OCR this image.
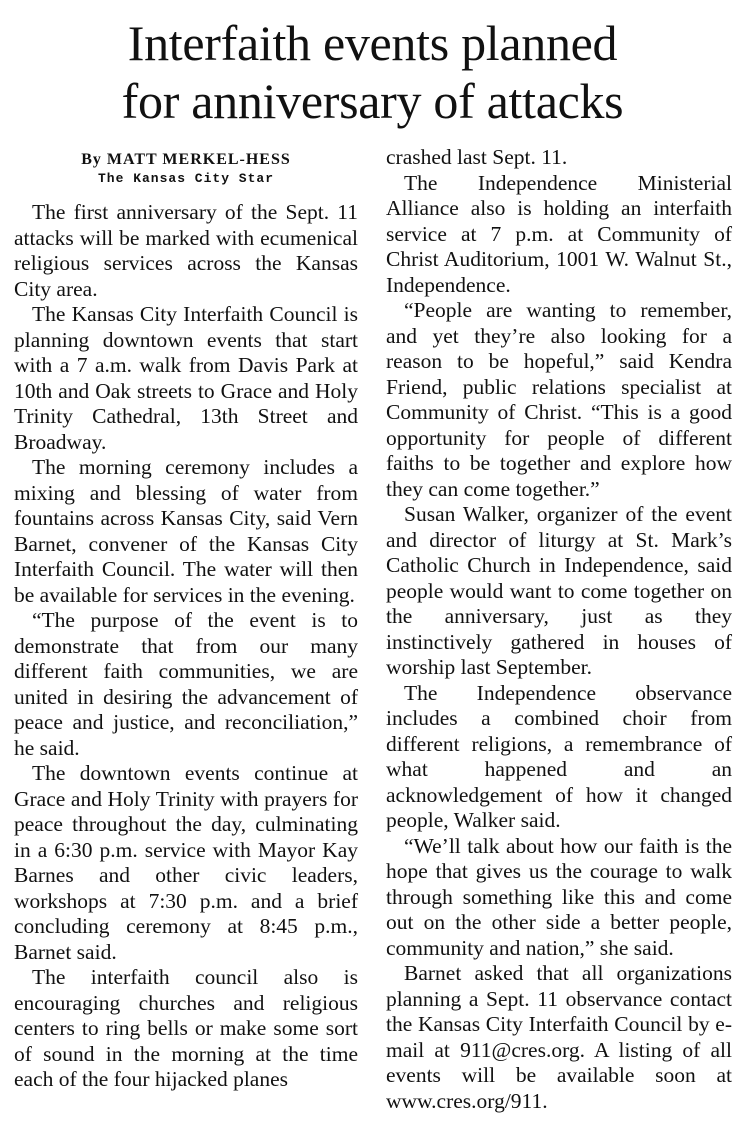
Interfaith events planned
for anniversary of attacks
By MATT MERKEL-HESS
The Kansas City Star

The first anniversary of the Sept. 11 attacks will be marked with ecumenical religious services across the Kansas City area.

The Kansas City Interfaith Council is planning downtown events that start with a 7 a.m. walk from Davis Park at 10th and Oak streets to Grace and Holy Trinity Cathedral, 13th Street and Broadway.

The morning ceremony includes a mixing and blessing of water from fountains across Kansas City, said Vern Barnet, convener of the Kansas City Interfaith Council. The water will then be available for services in the evening.

“The purpose of the event is to demonstrate that from our many different faith communities, we are united in desiring the advancement of peace and justice, and reconciliation,” he said.

The downtown events continue at Grace and Holy Trinity with prayers for peace throughout the day, culminating in a 6:30 p.m. service with Mayor Kay Barnes and other civic leaders, workshops at 7:30 p.m. and a brief concluding ceremony at 8:45 p.m., Barnet said.

The interfaith council also is encouraging churches and religious centers to ring bells or make some sort of sound in the morning at the time each of the four hijacked planes

crashed last Sept. 11.

The Independence Ministerial Alliance also is holding an interfaith service at 7 p.m. at Community of Christ Auditorium, 1001 W. Walnut St., Independence.

“People are wanting to remember, and yet they’re also looking for a reason to be hopeful,” said Kendra Friend, public relations specialist at Community of Christ. “This is a good opportunity for people of different faiths to be together and explore how they can come together.”

Susan Walker, organizer of the event and director of liturgy at St. Mark’s Catholic Church in Independence, said people would want to come together on the anniversary, just as they instinctively gathered in houses of worship last September.

The Independence observance includes a combined choir from different religions, a remembrance of what happened and an acknowledgement of how it changed people, Walker said.

“We’ll talk about how our faith is the hope that gives us the courage to walk through something like this and come out on the other side a better people, community and nation,” she said.

Barnet asked that all organizations planning a Sept. 11 observance contact the Kansas City Interfaith Council by e-mail at 911@cres.org. A listing of all events will be available soon at www.cres.org/911.
